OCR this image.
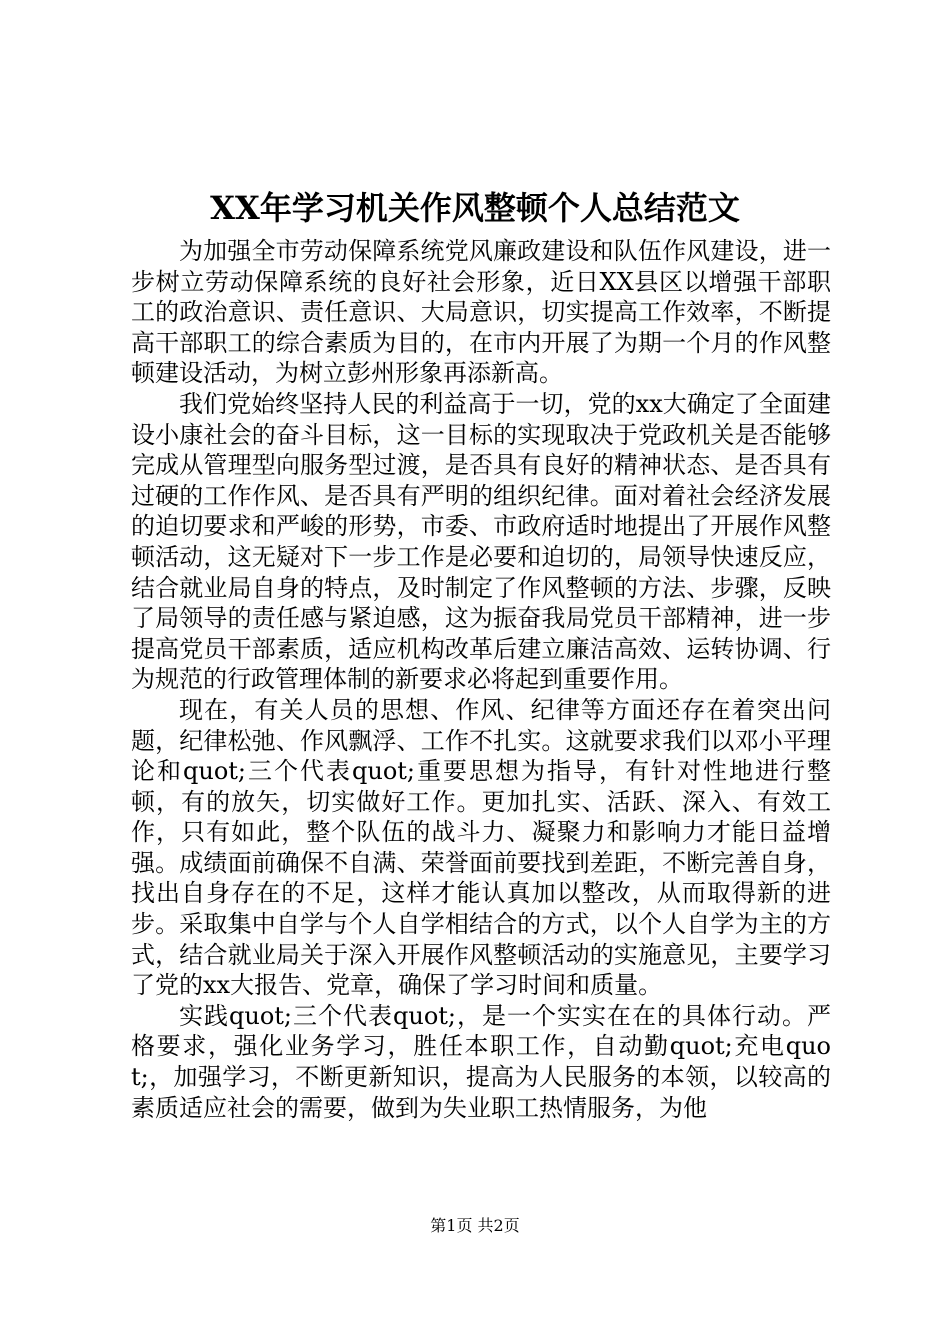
XX年学习机关作风整顿个人总结范文

为加强全市劳动保障系统党风廉政建设和队伍作风建设，进一步树立劳动保障系统的良好社会形象，近日XX县区以增强干部职工的政治意识、责任意识、大局意识，切实提高工作效率，不断提高干部职工的综合素质为目的，在市内开展了为期一个月的作风整顿建设活动，为树立彭州形象再添新高。

我们党始终坚持人民的利益高于一切，党的xx大确定了全面建设小康社会的奋斗目标，这一目标的实现取决于党政机关是否能够完成从管理型向服务型过渡，是否具有良好的精神状态、是否具有过硬的工作作风、是否具有严明的组织纪律。面对着社会经济发展的迫切要求和严峻的形势，市委、市政府适时地提出了开展作风整顿活动，这无疑对下一步工作是必要和迫切的，局领导快速反应，结合就业局自身的特点，及时制定了作风整顿的方法、步骤，反映了局领导的责任感与紧迫感，这为振奋我局党员干部精神，进一步提高党员干部素质，适应机构改革后建立廉洁高效、运转协调、行为规范的行政管理体制的新要求必将起到重要作用。

现在，有关人员的思想、作风、纪律等方面还存在着突出问题，纪律松弛、作风飘浮、工作不扎实。这就要求我们以邓小平理论和quot;三个代表quot;重要思想为指导，有针对性地进行整顿，有的放矢，切实做好工作。更加扎实、活跃、深入、有效工作，只有如此，整个队伍的战斗力、凝聚力和影响力才能日益增强。成绩面前确保不自满、荣誉面前要找到差距，不断完善自身，找出自身存在的不足，这样才能认真加以整改，从而取得新的进步。采取集中自学与个人自学相结合的方式，以个人自学为主的方式，结合就业局关于深入开展作风整顿活动的实施意见，主要学习了党的xx大报告、党章，确保了学习时间和质量。

实践quot;三个代表quot;，是一个实实在在的具体行动。严格要求，强化业务学习，胜任本职工作，自动勤quot;充电quot;，加强学习，不断更新知识，提高为人民服务的本领，以较高的素质适应社会的需要，做到为失业职工热情服务，为他

第1页 共2页
